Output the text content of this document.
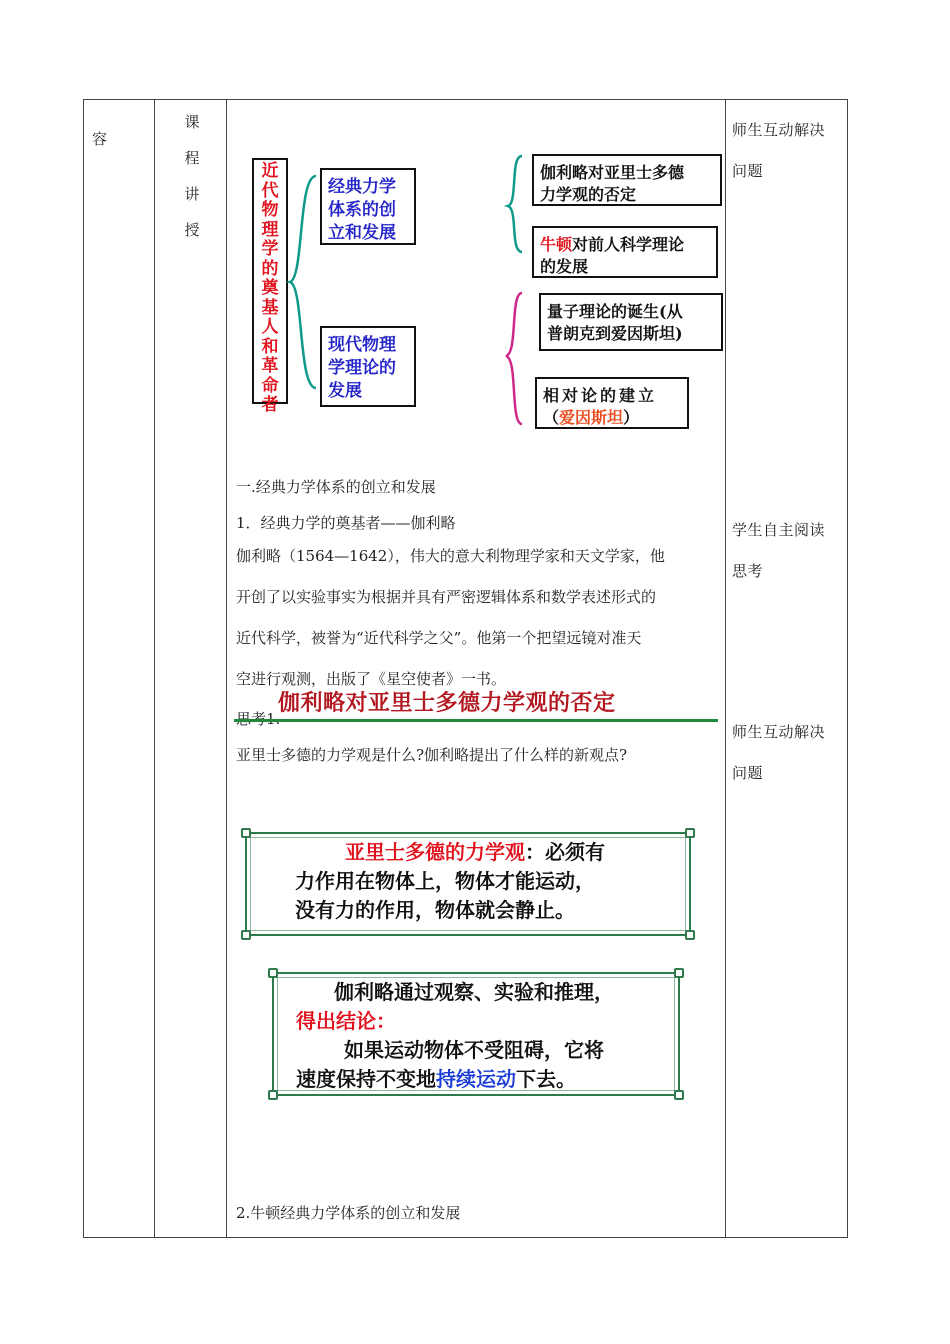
容
课
程
讲
授
师生互动解决
问题
学生自主阅读
思考
师生互动解决
问题
近代物理学的奠基人和革命者
经典力学
体系的创
立和发展
现代物理
学理论的
发展
伽利略对亚里士多德
力学观的否定
牛顿对前人科学理论
的发展
量子理论的诞生(从
普朗克到爱因斯坦)
相对论的建立
（爱因斯坦）
一.经典力学体系的创立和发展
1．经典力学的奠基者——伽利略
伽利略（1564—1642），伟大的意大利物理学家和天文学家，他
开创了以实验事实为根据并具有严密逻辑体系和数学表述形式的
近代科学，被誉为“近代科学之父”。他第一个把望远镜对准天
空进行观测，出版了《星空使者》一书。
亚里士多德的力学观是什么?伽利略提出了什么样的新观点?
伽利略对亚里士多德力学观的否定
亚里士多德的力学观：必须有
力作用在物体上，物体才能运动，
没有力的作用，物体就会静止。
伽利略通过观察、实验和推理，
得出结论：
如果运动物体不受阻碍，它将
速度保持不变地持续运动下去。
2.牛顿经典力学体系的创立和发展
